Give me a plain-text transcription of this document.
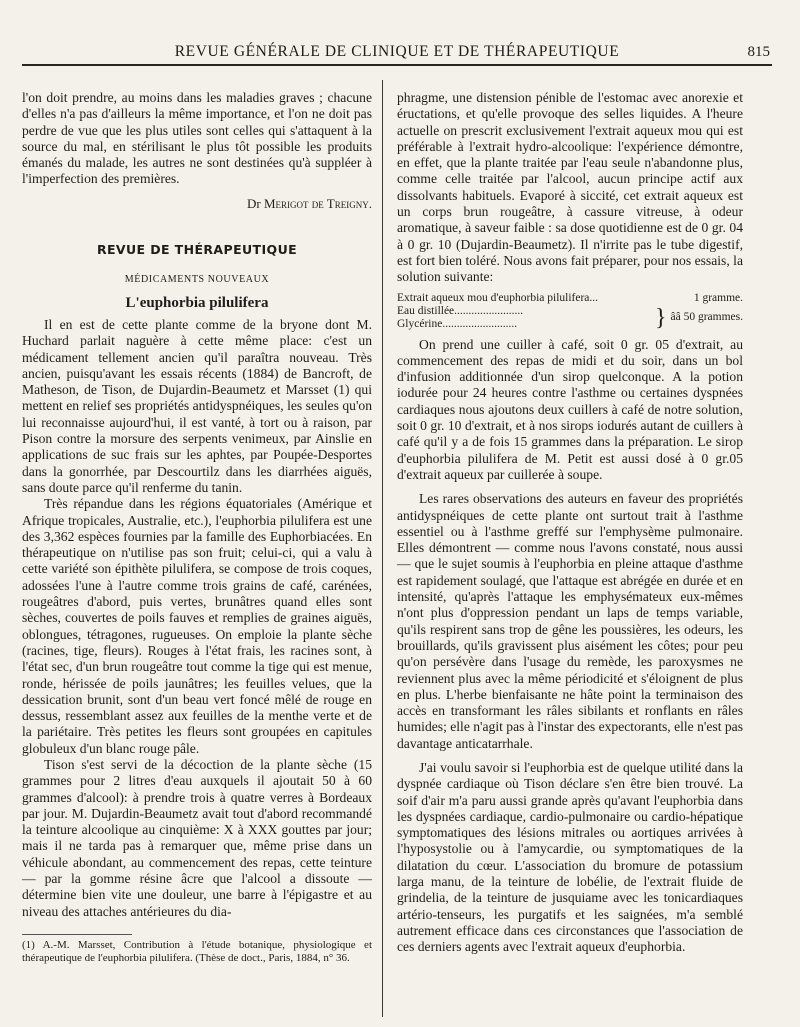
REVUE GÉNÉRALE DE CLINIQUE ET DE THÉRAPEUTIQUE	815

l'on doit prendre, au moins dans les maladies graves ; chacune d'elles n'a pas d'ailleurs la même importance, et l'on ne doit pas perdre de vue que les plus utiles sont celles qui s'attaquent à la source du mal, en stérilisant le plus tôt possible les produits émanés du malade, les autres ne sont destinées qu'à suppléer à l'imperfection des premières.

Dr Merigot de Treigny.
REVUE DE THÉRAPEUTIQUE
MÉDICAMENTS NOUVEAUX
L'euphorbia pilulifera

Il en est de cette plante comme de la bryone dont M. Huchard parlait naguère à cette même place: c'est un médicament tellement ancien qu'il paraîtra nouveau. Très ancien, puisqu'avant les essais récents (1884) de Bancroft, de Matheson, de Tison, de Dujardin-Beaumetz et Marsset (1) qui mettent en relief ses propriétés antidyspnéiques, les seules qu'on lui reconnaisse aujourd'hui, il est vanté, à tort ou à raison, par Pison contre la morsure des serpents venimeux, par Ainslie en applications de suc frais sur les aphtes, par Poupée-Desportes dans la gonorrhée, par Descourtilz dans les diarrhées aiguës, sans doute parce qu'il renferme du tanin.

Très répandue dans les régions équatoriales (Amérique et Afrique tropicales, Australie, etc.), l'euphorbia pilulifera est une des 3,362 espèces fournies par la famille des Euphorbiacées. En thérapeutique on n'utilise pas son fruit; celui-ci, qui a valu à cette variété son épithète pilulifera, se compose de trois coques, adossées l'une à l'autre comme trois grains de café, carénées, rougeâtres d'abord, puis vertes, brunâtres quand elles sont sèches, couvertes de poils fauves et remplies de graines aiguës, oblongues, tétragones, rugueuses. On emploie la plante sèche (racines, tige, fleurs). Rouges à l'état frais, les racines sont, à l'état sec, d'un brun rougeâtre tout comme la tige qui est menue, ronde, hérissée de poils jaunâtres; les feuilles velues, que la dessication brunit, sont d'un beau vert foncé mêlé de rouge en dessus, ressemblant assez aux feuilles de la menthe verte et de la pariétaire. Très petites les fleurs sont groupées en capitules globuleux d'un blanc rouge pâle.

Tison s'est servi de la décoction de la plante sèche (15 grammes pour 2 litres d'eau auxquels il ajoutait 50 à 60 grammes d'alcool): à prendre trois à quatre verres à Bordeaux par jour. M. Dujardin-Beaumetz avait tout d'abord recommandé la teinture alcoolique au cinquième: X à XXX gouttes par jour; mais il ne tarda pas à remarquer que, même prise dans un véhicule abondant, au commencement des repas, cette teinture — par la gomme résine âcre que l'alcool a dissoute — détermine bien vite une douleur, une barre à l'épigastre et au niveau des attaches antérieures du dia-

(1) A.-M. Marsset, Contribution à l'étude botanique, physiologique et thérapeutique de l'euphorbia pilulifera. (Thèse de doct., Paris, 1884, n° 36.

phragme, une distension pénible de l'estomac avec anorexie et éructations, et qu'elle provoque des selles liquides. A l'heure actuelle on prescrit exclusivement l'extrait aqueux mou qui est préférable à l'extrait hydro-alcoolique: l'expérience démontre, en effet, que la plante traitée par l'eau seule n'abandonne plus, comme celle traitée par l'alcool, aucun principe actif aux dissolvants habituels. Evaporé à siccité, cet extrait aqueux est un corps brun rougeâtre, à cassure vitreuse, à odeur aromatique, à saveur faible : sa dose quotidienne est de 0 gr. 04 à 0 gr. 10 (Dujardin-Beaumetz). Il n'irrite pas le tube digestif, est fort bien toléré. Nous avons fait préparer, pour nos essais, la solution suivante:

Extrait aqueux mou d'euphorbia pilulifera...	1 gramme.
Eau distillée........................
Glycérine..........................	} ââ 50 grammes.

On prend une cuiller à café, soit 0 gr. 05 d'extrait, au commencement des repas de midi et du soir, dans un bol d'infusion additionnée d'un sirop quelconque. A la potion iodurée pour 24 heures contre l'asthme ou certaines dyspnées cardiaques nous ajoutons deux cuillers à café de notre solution, soit 0 gr. 10 d'extrait, et à nos sirops iodurés autant de cuillers à café qu'il y a de fois 15 grammes dans la préparation. Le sirop d'euphorbia pilulifera de M. Petit est aussi dosé à 0 gr.05 d'extrait aqueux par cuillerée à soupe.

Les rares observations des auteurs en faveur des propriétés antidyspnéiques de cette plante ont surtout trait à l'asthme essentiel ou à l'asthme greffé sur l'emphysème pulmonaire. Elles démontrent — comme nous l'avons constaté, nous aussi — que le sujet soumis à l'euphorbia en pleine attaque d'asthme est rapidement soulagé, que l'attaque est abrégée en durée et en intensité, qu'après l'attaque les emphysémateux eux-mêmes n'ont plus d'oppression pendant un laps de temps variable, qu'ils respirent sans trop de gêne les poussières, les odeurs, les brouillards, qu'ils gravissent plus aisément les côtes; pour peu qu'on persévère dans l'usage du remède, les paroxysmes ne reviennent plus avec la même périodicité et s'éloignent de plus en plus. L'herbe bienfaisante ne hâte point la terminaison des accès en transformant les râles sibilants et ronflants en râles humides; elle n'agit pas à l'instar des expectorants, elle n'est pas davantage anticatarrhale.

J'ai voulu savoir si l'euphorbia est de quelque utilité dans la dyspnée cardiaque où Tison déclare s'en être bien trouvé. La soif d'air m'a paru aussi grande après qu'avant l'euphorbia dans les dyspnées cardiaque, cardio-pulmonaire ou cardio-hépatique symptomatiques des lésions mitrales ou aortiques arrivées à l'hyposystolie ou à l'amycardie, ou symptomatiques de la dilatation du cœur. L'association du bromure de potassium larga manu, de la teinture de lobélie, de l'extrait fluide de grindelia, de la teinture de jusquiame avec les tonicardiaques artério-tenseurs, les purgatifs et les saignées, m'a semblé autrement efficace dans ces circonstances que l'association de ces derniers agents avec l'extrait aqueux d'euphorbia.
